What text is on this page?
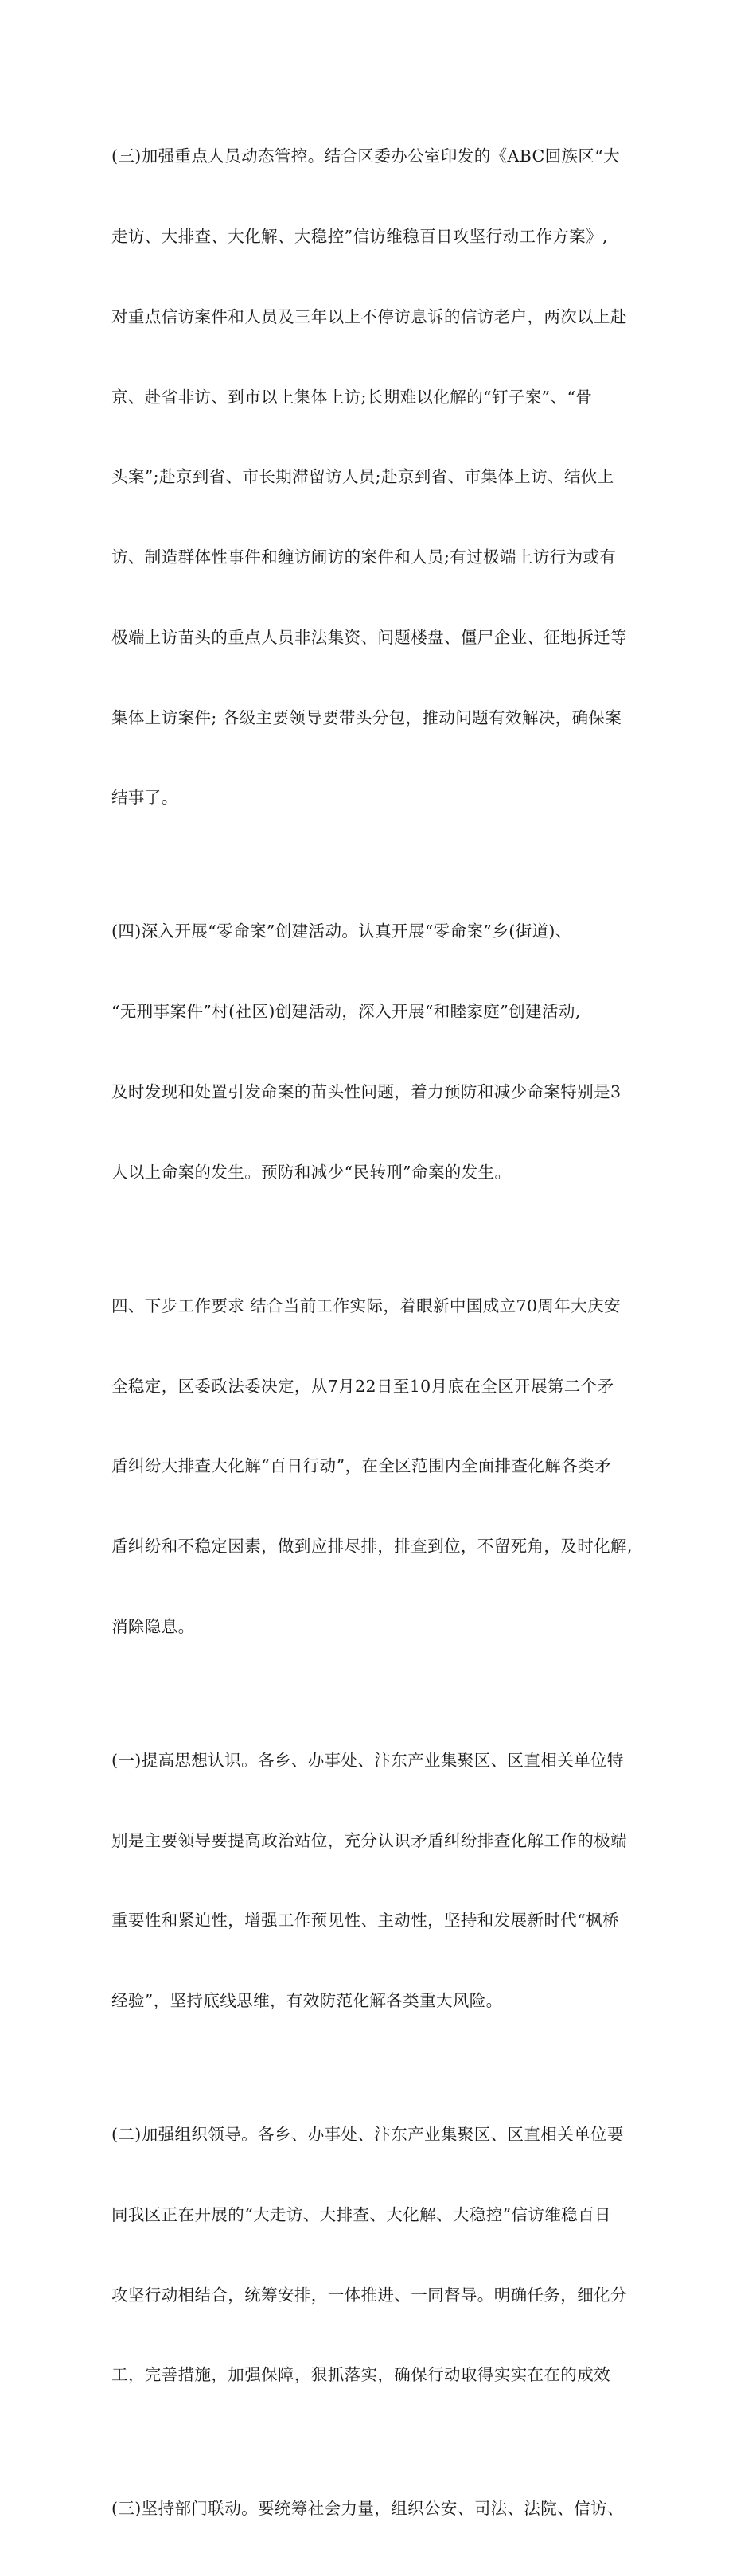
(三)加强重点人员动态管控。结合区委办公室印发的《ABC回族区“大

走访、大排查、大化解、大稳控”信访维稳百日攻坚行动工作方案》,

对重点信访案件和人员及三年以上不停访息诉的信访老户，两次以上赴

京、赴省非访、到市以上集体上访;长期难以化解的“钉子案”、“骨

头案”;赴京到省、市长期滞留访人员;赴京到省、市集体上访、结伙上

访、制造群体性事件和缠访闹访的案件和人员;有过极端上访行为或有

极端上访苗头的重点人员非法集资、问题楼盘、僵尸企业、征地拆迁等

集体上访案件; 各级主要领导要带头分包，推动问题有效解决，确保案

结事了。

(四)深入开展“零命案”创建活动。认真开展“零命案”乡(街道)、

“无刑事案件”村(社区)创建活动，深入开展“和睦家庭”创建活动,

及时发现和处置引发命案的苗头性问题，着力预防和减少命案特别是3

人以上命案的发生。预防和减少“民转刑”命案的发生。

四、下步工作要求 结合当前工作实际，着眼新中国成立70周年大庆安

全稳定，区委政法委决定，从7月22日至10月底在全区开展第二个矛

盾纠纷大排查大化解“百日行动”，在全区范围内全面排查化解各类矛

盾纠纷和不稳定因素，做到应排尽排，排查到位，不留死角，及时化解,

消除隐息。

(一)提高思想认识。各乡、办事处、汴东产业集聚区、区直相关单位特

别是主要领导要提高政治站位，充分认识矛盾纠纷排查化解工作的极端

重要性和紧迫性，增强工作预见性、主动性，坚持和发展新时代“枫桥

经验”，坚持底线思维，有效防范化解各类重大风险。

(二)加强组织领导。各乡、办事处、汴东产业集聚区、区直相关单位要

同我区正在开展的“大走访、大排查、大化解、大稳控”信访维稳百日

攻坚行动相结合，统筹安排，一体推进、一同督导。明确任务，细化分

工，完善措施，加强保障，狠抓落实，确保行动取得实实在在的成效

(三)坚持部门联动。要统筹社会力量，组织公安、司法、法院、信访、
